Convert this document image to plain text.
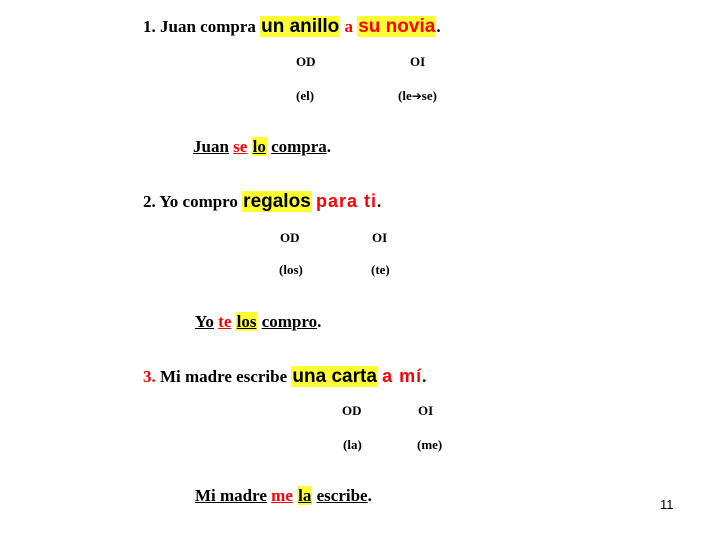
1. Juan compra un anillo a su novia.
OD	OI
(el)	(le➔se)
Juan se lo compra.
2. Yo compro regalos para ti.
OD	OI
(los)	(te)
Yo te los compro.
3. Mi madre escribe una carta a mí.
OD	OI
(la)	(me)
Mi madre me la escribe.	11
